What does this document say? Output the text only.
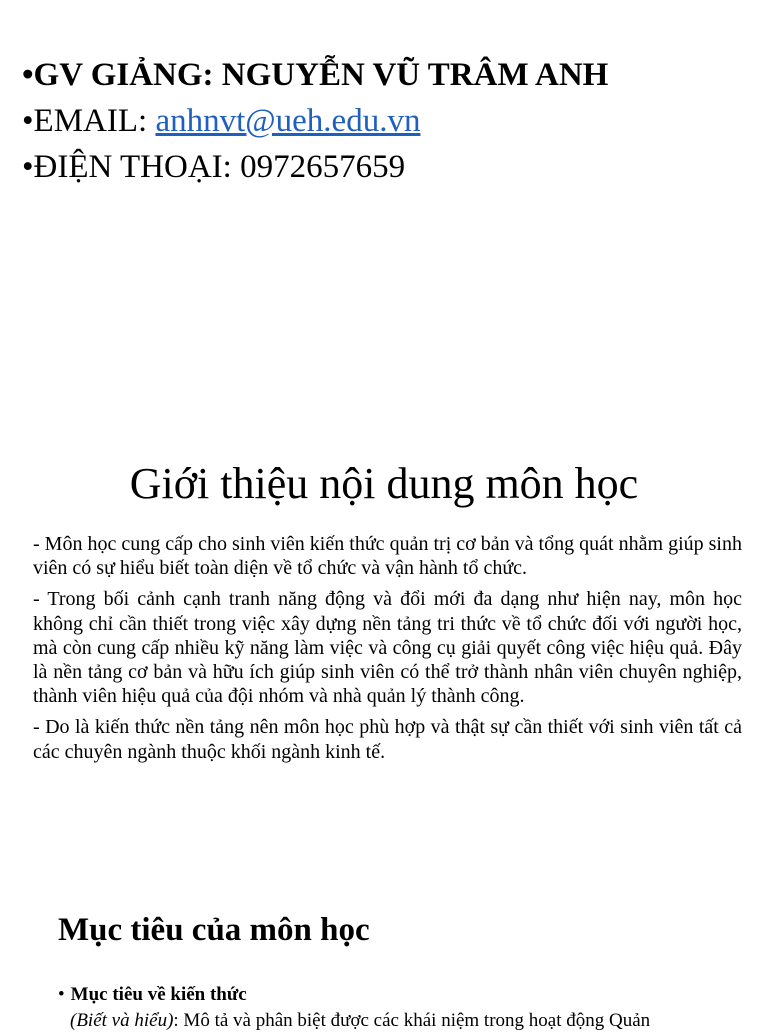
•GV GIẢNG: NGUYỄN VŨ TRÂM ANH
•EMAIL: anhnvt@ueh.edu.vn
•ĐIỆN THOẠI: 0972657659
Giới thiệu nội dung môn học

- Môn học cung cấp cho sinh viên kiến thức quản trị cơ bản và tổng quát nhằm giúp sinh viên có sự hiểu biết toàn diện về tổ chức và vận hành tổ chức.

- Trong bối cảnh cạnh tranh năng động và đổi mới đa dạng như hiện nay, môn học không chỉ cần thiết trong việc xây dựng nền tảng tri thức về tổ chức đối với người học, mà còn cung cấp nhiều kỹ năng làm việc và công cụ giải quyết công việc hiệu quả. Đây là nền tảng cơ bản và hữu ích giúp sinh viên có thể trở thành nhân viên chuyên nghiệp, thành viên hiệu quả của đội nhóm và nhà quản lý thành công.

- Do là kiến thức nền tảng nên môn học phù hợp và thật sự cần thiết với sinh viên tất cả các chuyên ngành thuộc khối ngành kinh tế.

Mục tiêu của môn học
• Mục tiêu về kiến thức
(Biết và hiểu): Mô tả và phân biệt được các khái niệm trong hoạt động Quản
